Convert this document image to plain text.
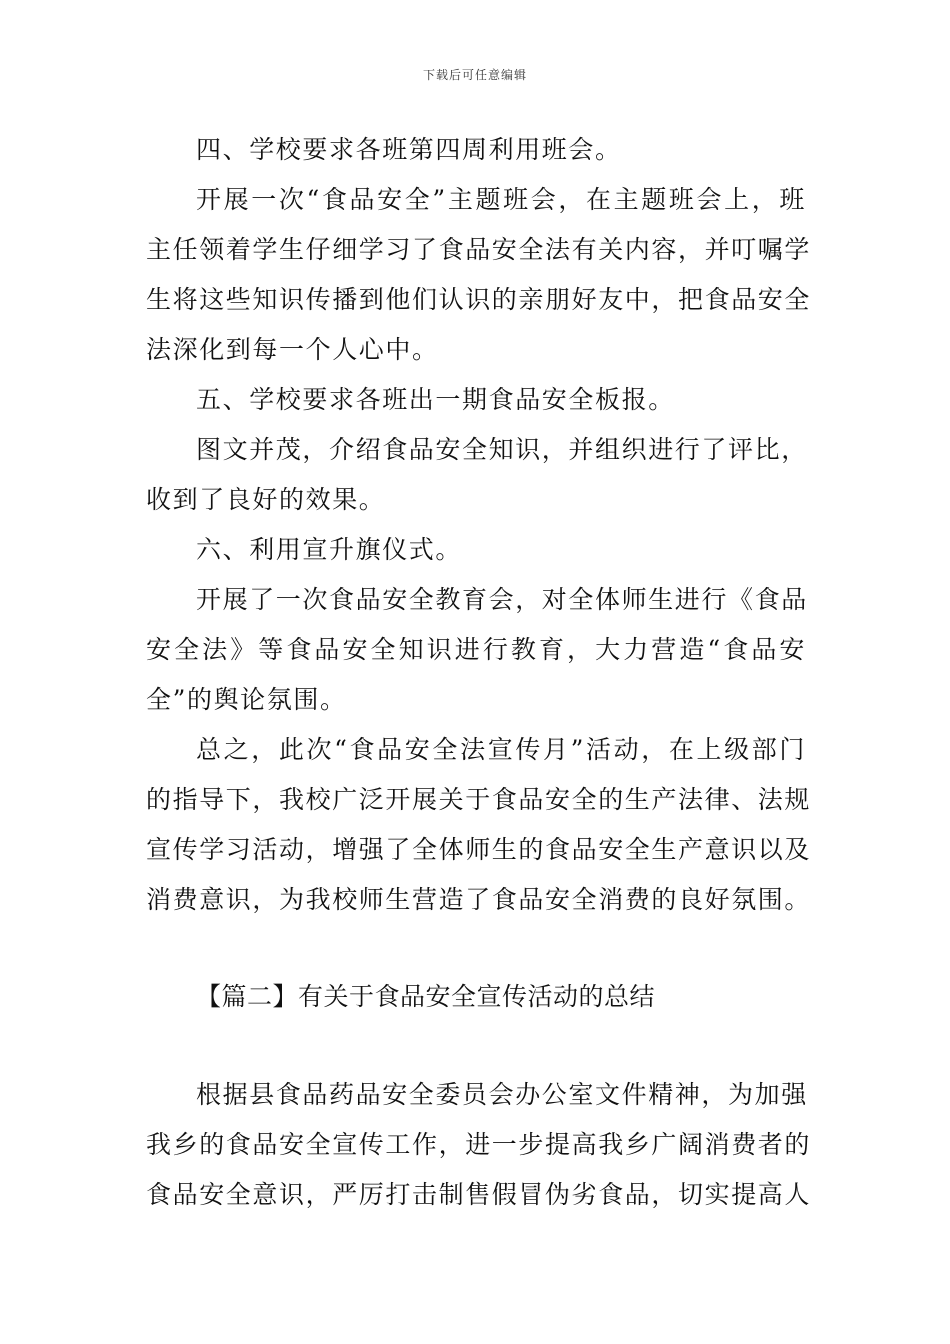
下载后可任意编辑
四、学校要求各班第四周利用班会。
开展一次“食品安全”主题班会，在主题班会上，班
主任领着学生仔细学习了食品安全法有关内容，并叮嘱学
生将这些知识传播到他们认识的亲朋好友中，把食品安全
法深化到每一个人心中。
五、学校要求各班出一期食品安全板报。
图文并茂，介绍食品安全知识，并组织进行了评比，
收到了良好的效果。
六、利用宣升旗仪式。
开展了一次食品安全教育会，对全体师生进行《食品
安全法》等食品安全知识进行教育，大力营造“食品安
全”的舆论氛围。
总之，此次“食品安全法宣传月”活动，在上级部门
的指导下，我校广泛开展关于食品安全的生产法律、法规
宣传学习活动，增强了全体师生的食品安全生产意识以及
消费意识，为我校师生营造了食品安全消费的良好氛围。
【篇二】有关于食品安全宣传活动的总结
根据县食品药品安全委员会办公室文件精神，为加强
我乡的食品安全宣传工作，进一步提高我乡广阔消费者的
食品安全意识，严厉打击制售假冒伪劣食品，切实提高人
